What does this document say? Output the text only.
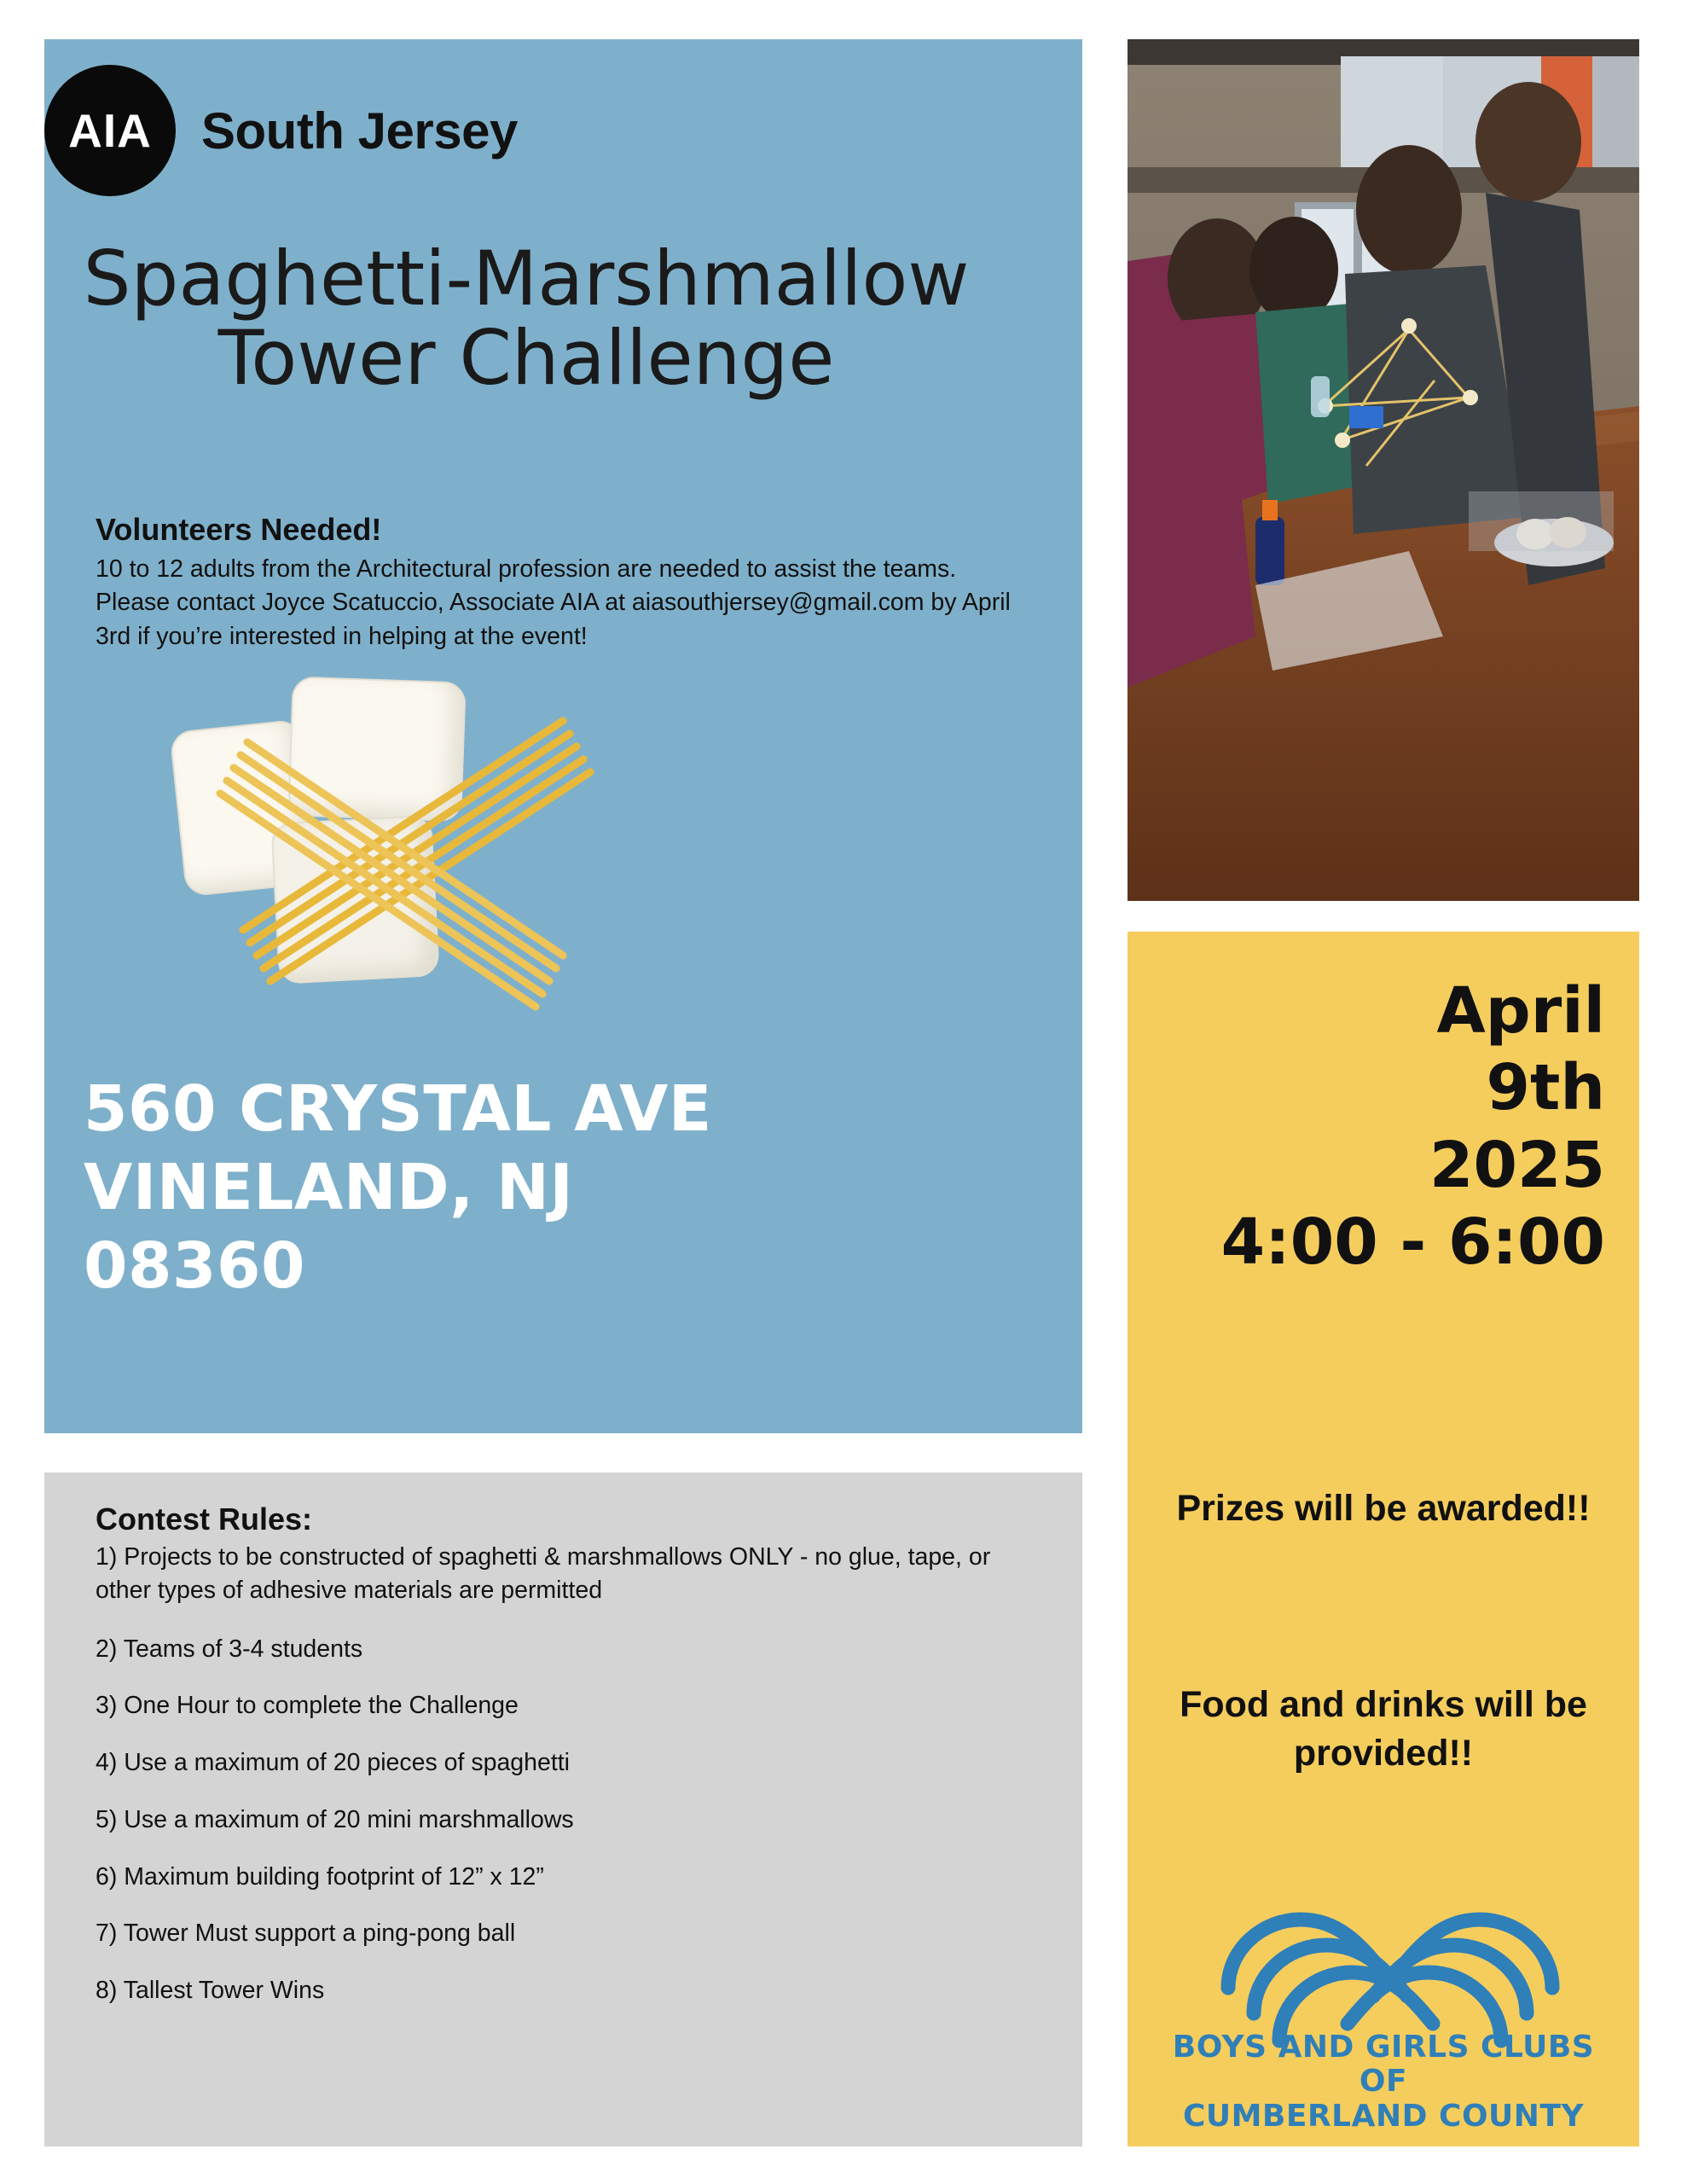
AIA South Jersey
Spaghetti-Marshmallow
Tower Challenge
Volunteers Needed!
10 to 12 adults from the Architectural profession are needed to assist the teams. Please contact Joyce Scatuccio, Associate AIA at aiasouthjersey@gmail.com by April 3rd if you’re interested in helping at the event!
560 CRYSTAL AVE
VINELAND, NJ
08360
April
9th
2025
4:00 - 6:00
Prizes will be awarded!!
Food and drinks will be provided!!
BOYS AND GIRLS CLUBS OF
CUMBERLAND COUNTY
Contest Rules:
1) Projects to be constructed of spaghetti & marshmallows ONLY - no glue, tape, or other types of adhesive materials are permitted
2) Teams of 3-4 students
3) One Hour to complete the Challenge
4) Use a maximum of 20 pieces of spaghetti
5) Use a maximum of 20 mini marshmallows
6) Maximum building footprint of 12” x 12”
7) Tower Must support a ping-pong ball
8) Tallest Tower Wins
